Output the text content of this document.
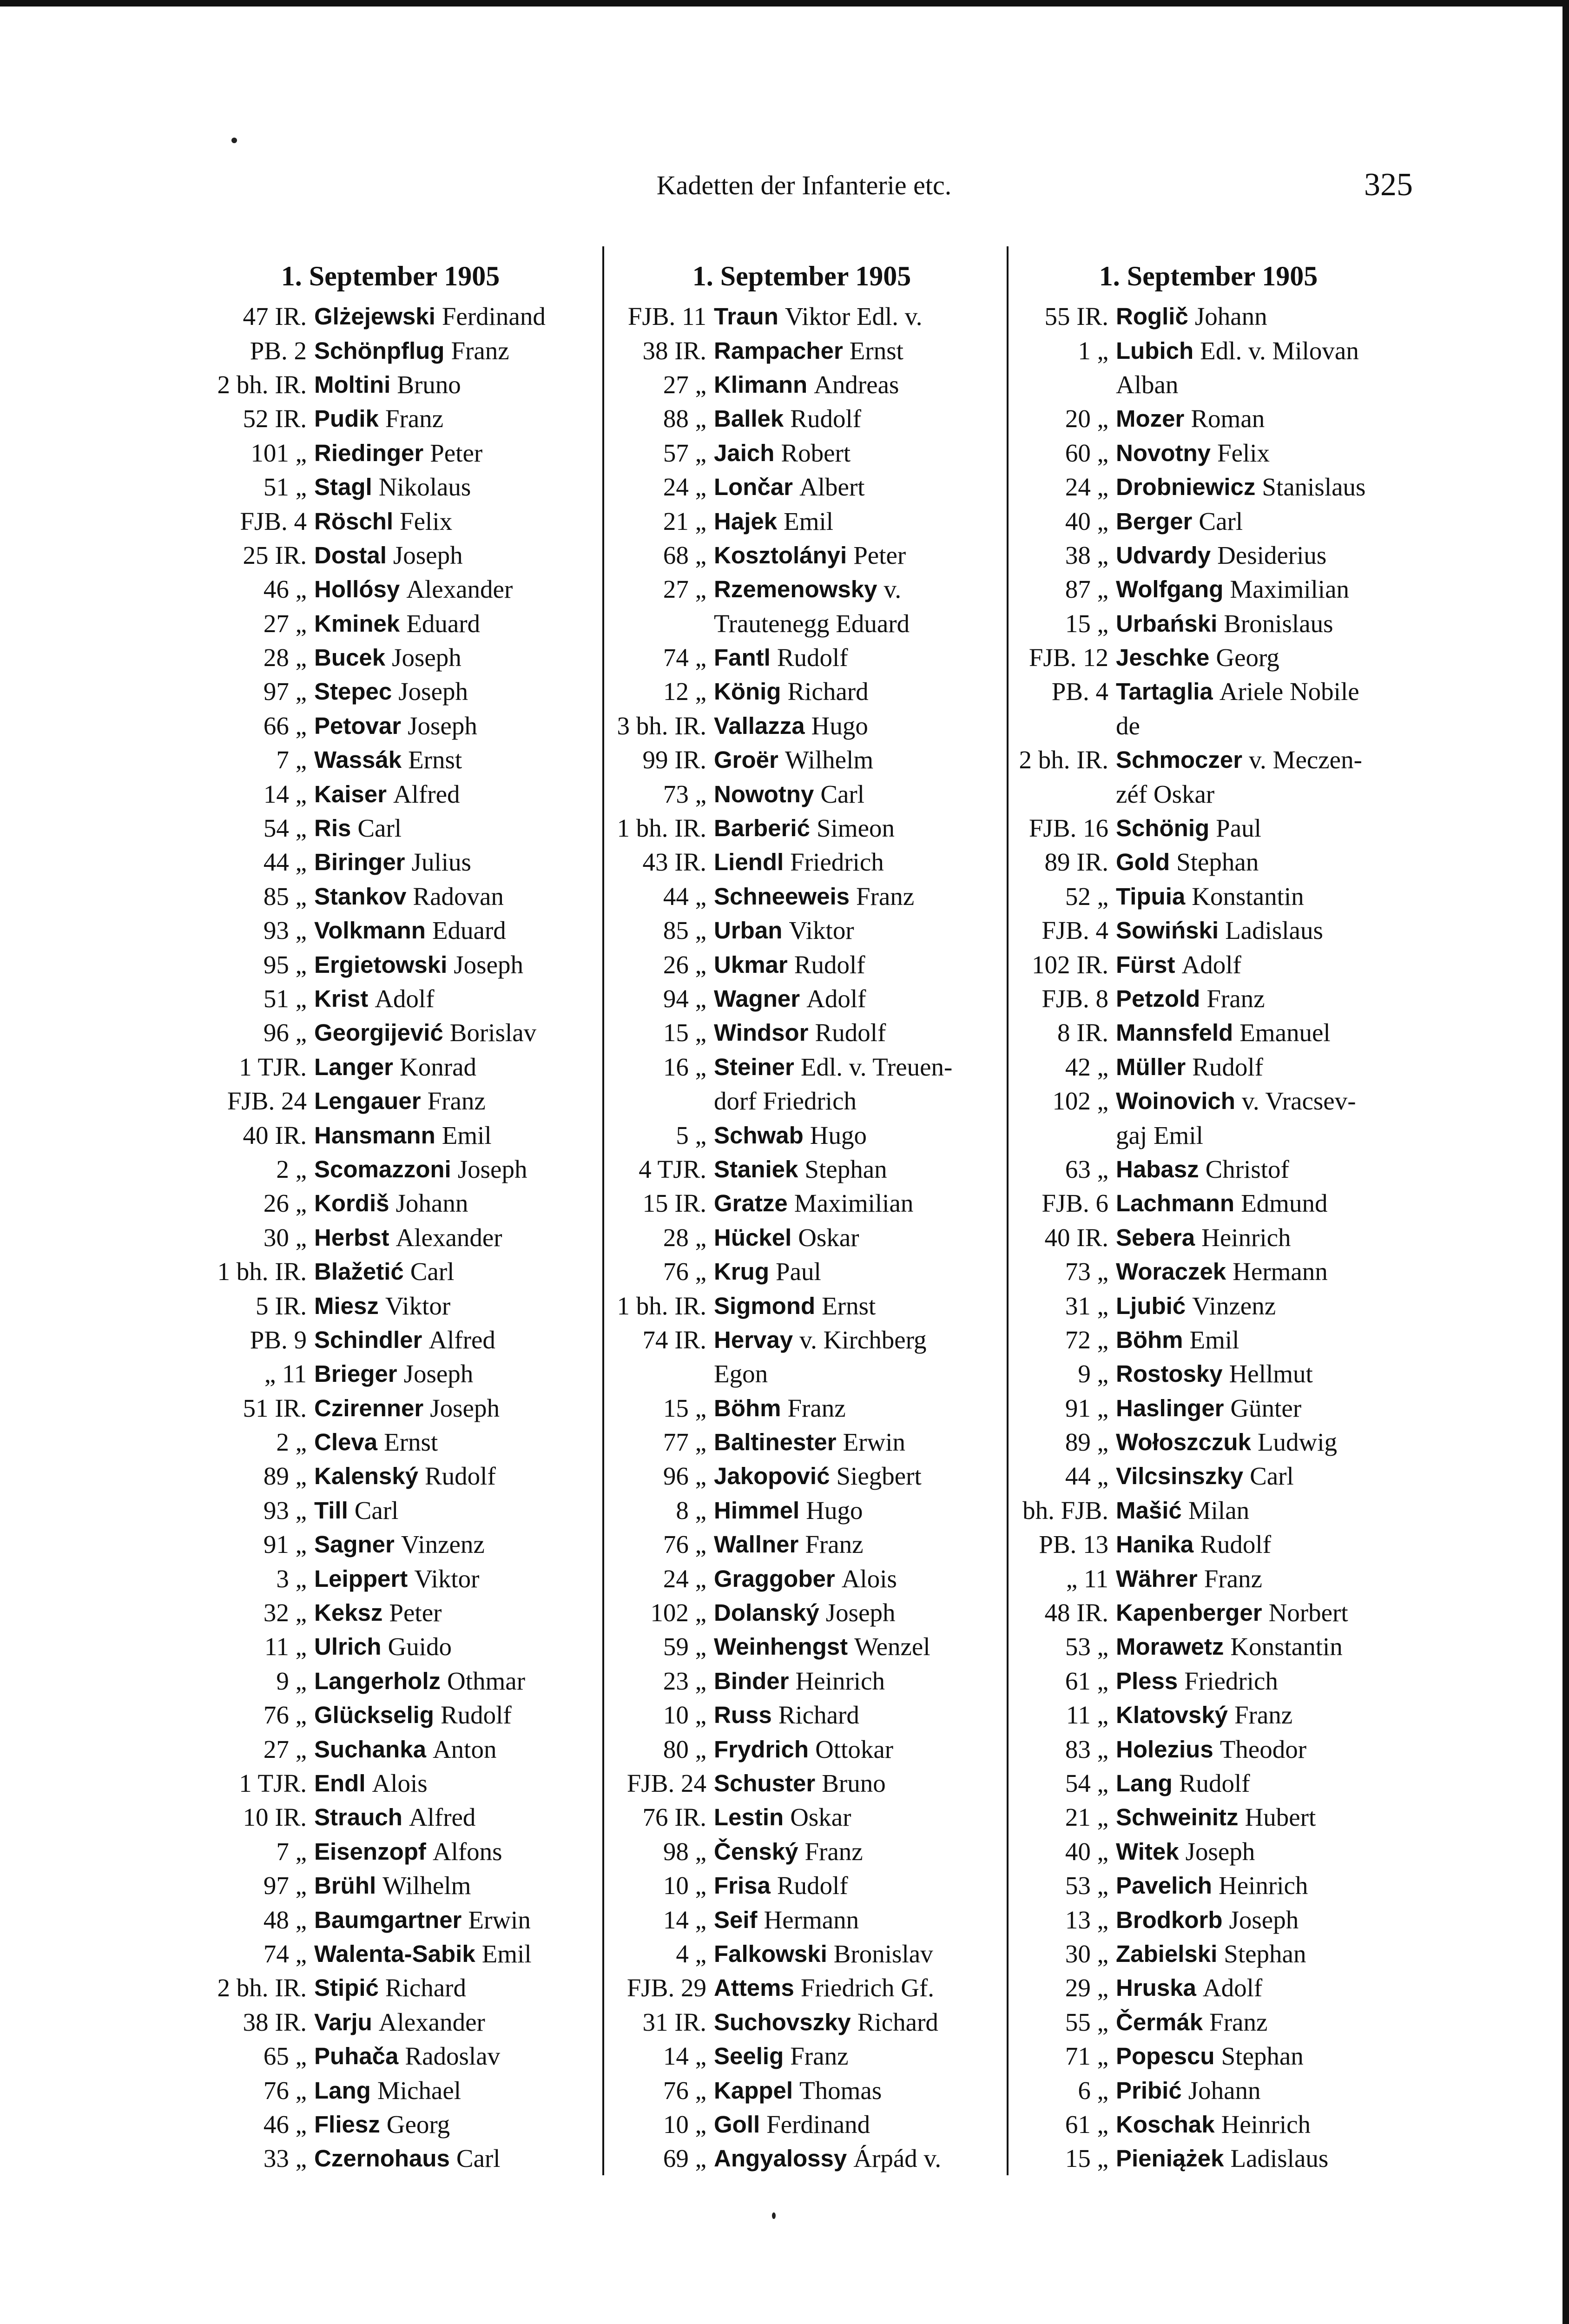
Kadetten der Infanterie etc.	325
1. September 1905
47 IR. Glżejewski Ferdinand
PB. 2 Schönpflug Franz
2 bh. IR. Moltini Bruno
52 IR. Pudik Franz
101 „ Riedinger Peter
51 „ Stagl Nikolaus
FJB. 4 Röschl Felix
25 IR. Dostal Joseph
46 „ Hollósy Alexander
27 „ Kminek Eduard
28 „ Bucek Joseph
97 „ Stepec Joseph
66 „ Petovar Joseph
7 „ Wassák Ernst
14 „ Kaiser Alfred
54 „ Ris Carl
44 „ Biringer Julius
85 „ Stankov Radovan
93 „ Volkmann Eduard
95 „ Ergietowski Joseph
51 „ Krist Adolf
96 „ Georgijević Borislav
1 TJR. Langer Konrad
FJB. 24 Lengauer Franz
40 IR. Hansmann Emil
2 „ Scomazzoni Joseph
26 „ Kordiš Johann
30 „ Herbst Alexander
1 bh. IR. Blažetić Carl
5 IR. Miesz Viktor
PB. 9 Schindler Alfred
„ 11 Brieger Joseph
51 IR. Czirenner Joseph
2 „ Cleva Ernst
89 „ Kalenský Rudolf
93 „ Till Carl
91 „ Sagner Vinzenz
3 „ Leippert Viktor
32 „ Keksz Peter
11 „ Ulrich Guido
9 „ Langerholz Othmar
76 „ Glückselig Rudolf
27 „ Suchanka Anton
1 TJR. Endl Alois
10 IR. Strauch Alfred
7 „ Eisenzopf Alfons
97 „ Brühl Wilhelm
48 „ Baumgartner Erwin
74 „ Walenta-Sabik Emil
2 bh. IR. Stipić Richard
38 IR. Varju Alexander
65 „ Puhača Radoslav
76 „ Lang Michael
46 „ Fliesz Georg
33 „ Czernohaus Carl
1. September 1905
FJB. 11 Traun Viktor Edl. v.
38 IR. Rampacher Ernst
27 „ Klimann Andreas
88 „ Ballek Rudolf
57 „ Jaich Robert
24 „ Lončar Albert
21 „ Hajek Emil
68 „ Kosztolányi Peter
27 „ Rzemenowsky v.
Trautenegg Eduard
74 „ Fantl Rudolf
12 „ König Richard
3 bh. IR. Vallazza Hugo
99 IR. Groër Wilhelm
73 „ Nowotny Carl
1 bh. IR. Barberić Simeon
43 IR. Liendl Friedrich
44 „ Schneeweis Franz
85 „ Urban Viktor
26 „ Ukmar Rudolf
94 „ Wagner Adolf
15 „ Windsor Rudolf
16 „ Steiner Edl. v. Treuen-
dorf Friedrich
5 „ Schwab Hugo
4 TJR. Staniek Stephan
15 IR. Gratze Maximilian
28 „ Hückel Oskar
76 „ Krug Paul
1 bh. IR. Sigmond Ernst
74 IR. Hervay v. Kirchberg
Egon
15 „ Böhm Franz
77 „ Baltinester Erwin
96 „ Jakopović Siegbert
8 „ Himmel Hugo
76 „ Wallner Franz
24 „ Graggober Alois
102 „ Dolanský Joseph
59 „ Weinhengst Wenzel
23 „ Binder Heinrich
10 „ Russ Richard
80 „ Frydrich Ottokar
FJB. 24 Schuster Bruno
76 IR. Lestin Oskar
98 „ Čenský Franz
10 „ Frisa Rudolf
14 „ Seif Hermann
4 „ Falkowski Bronislav
FJB. 29 Attems Friedrich Gf.
31 IR. Suchovszky Richard
14 „ Seelig Franz
76 „ Kappel Thomas
10 „ Goll Ferdinand
69 „ Angyalossy Árpád v.
1. September 1905
55 IR. Roglič Johann
1 „ Lubich Edl. v. Milovan
Alban
20 „ Mozer Roman
60 „ Novotny Felix
24 „ Drobniewicz Stanislaus
40 „ Berger Carl
38 „ Udvardy Desiderius
87 „ Wolfgang Maximilian
15 „ Urbański Bronislaus
FJB. 12 Jeschke Georg
PB. 4 Tartaglia Ariele Nobile
de
2 bh. IR. Schmoczer v. Meczen-
zéf Oskar
FJB. 16 Schönig Paul
89 IR. Gold Stephan
52 „ Tipuia Konstantin
FJB. 4 Sowiński Ladislaus
102 IR. Fürst Adolf
FJB. 8 Petzold Franz
8 IR. Mannsfeld Emanuel
42 „ Müller Rudolf
102 „ Woinovich v. Vracsev-
gaj Emil
63 „ Habasz Christof
FJB. 6 Lachmann Edmund
40 IR. Sebera Heinrich
73 „ Woraczek Hermann
31 „ Ljubić Vinzenz
72 „ Böhm Emil
9 „ Rostosky Hellmut
91 „ Haslinger Günter
89 „ Wołoszczuk Ludwig
44 „ Vilcsinszky Carl
bh. FJB. Mašić Milan
PB. 13 Hanika Rudolf
„ 11 Währer Franz
48 IR. Kapenberger Norbert
53 „ Morawetz Konstantin
61 „ Pless Friedrich
11 „ Klatovský Franz
83 „ Holezius Theodor
54 „ Lang Rudolf
21 „ Schweinitz Hubert
40 „ Witek Joseph
53 „ Pavelich Heinrich
13 „ Brodkorb Joseph
30 „ Zabielski Stephan
29 „ Hruska Adolf
55 „ Čermák Franz
71 „ Popescu Stephan
6 „ Pribić Johann
61 „ Koschak Heinrich
15 „ Pieniążek Ladislaus
